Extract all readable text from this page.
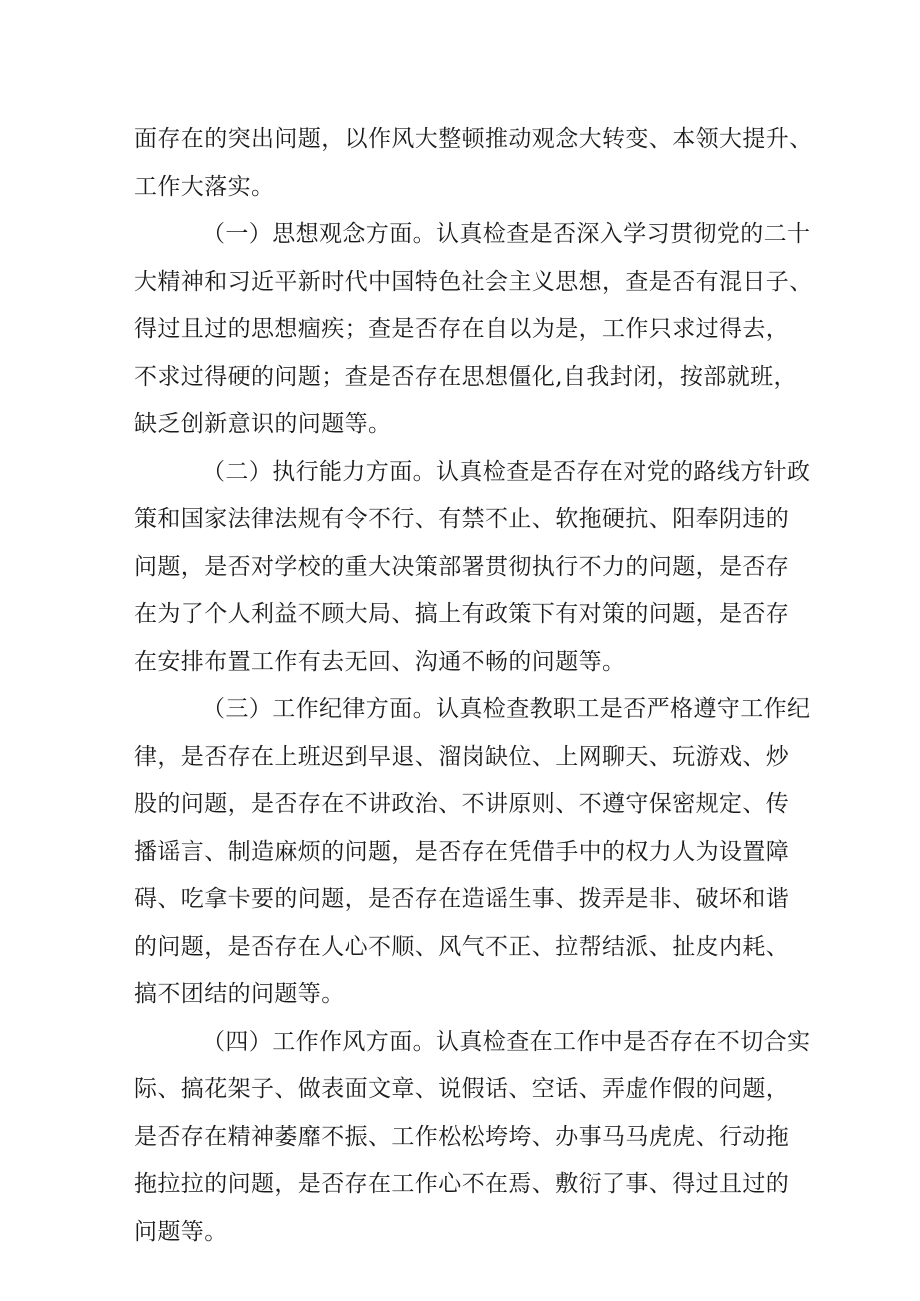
面存在的突出问题，以作风大整顿推动观念大转变、本领大提升、
工作大落实。

（一）思想观念方面。认真检查是否深入学习贯彻党的二十
大精神和习近平新时代中国特色社会主义思想，查是否有混日子、
得过且过的思想痼疾；查是否存在自以为是，工作只求过得去，
不求过得硬的问题；查是否存在思想僵化,自我封闭，按部就班，
缺乏创新意识的问题等。

（二）执行能力方面。认真检查是否存在对党的路线方针政
策和国家法律法规有令不行、有禁不止、软拖硬抗、阳奉阴违的
问题，是否对学校的重大决策部署贯彻执行不力的问题，是否存
在为了个人利益不顾大局、搞上有政策下有对策的问题，是否存
在安排布置工作有去无回、沟通不畅的问题等。

（三）工作纪律方面。认真检查教职工是否严格遵守工作纪
律，是否存在上班迟到早退、溜岗缺位、上网聊天、玩游戏、炒
股的问题，是否存在不讲政治、不讲原则、不遵守保密规定、传
播谣言、制造麻烦的问题，是否存在凭借手中的权力人为设置障
碍、吃拿卡要的问题，是否存在造谣生事、拨弄是非、破坏和谐
的问题，是否存在人心不顺、风气不正、拉帮结派、扯皮内耗、
搞不团结的问题等。

（四）工作作风方面。认真检查在工作中是否存在不切合实
际、搞花架子、做表面文章、说假话、空话、弄虚作假的问题，
是否存在精神萎靡不振、工作松松垮垮、办事马马虎虎、行动拖
拖拉拉的问题，是否存在工作心不在焉、敷衍了事、得过且过的
问题等。
